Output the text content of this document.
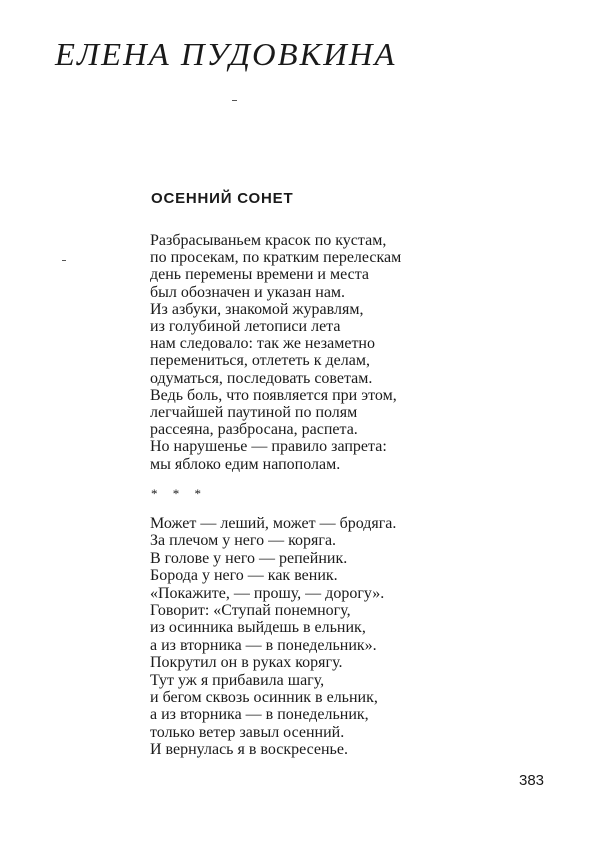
ЕЛЕНА ПУДОВКИНА
ОСЕННИЙ СОНЕТ
Разбрасываньем красок по кустам,
по просекам, по кратким перелескам
день перемены времени и места
был обозначен и указан нам.
Из азбуки, знакомой журавлям,
из голубиной летописи лета
нам следовало: так же незаметно
перемениться, отлететь к делам,
одуматься, последовать советам.
Ведь боль, что появляется при этом,
легчайшей паутиной по полям
рассеяна, разбросана, распета.
Но нарушенье — правило запрета:
мы яблоко едим напополам.
* * *
Может — леший, может — бродяга.
За плечом у него — коряга.
В голове у него — репейник.
Борода у него — как веник.
«Покажите, — прошу, — дорогу».
Говорит: «Ступай понемногу,
из осинника выйдешь в ельник,
а из вторника — в понедельник».
Покрутил он в руках корягу.
Тут уж я прибавила шагу,
и бегом сквозь осинник в ельник,
а из вторника — в понедельник,
только ветер завыл осенний.
И вернулась я в воскресенье.
383
